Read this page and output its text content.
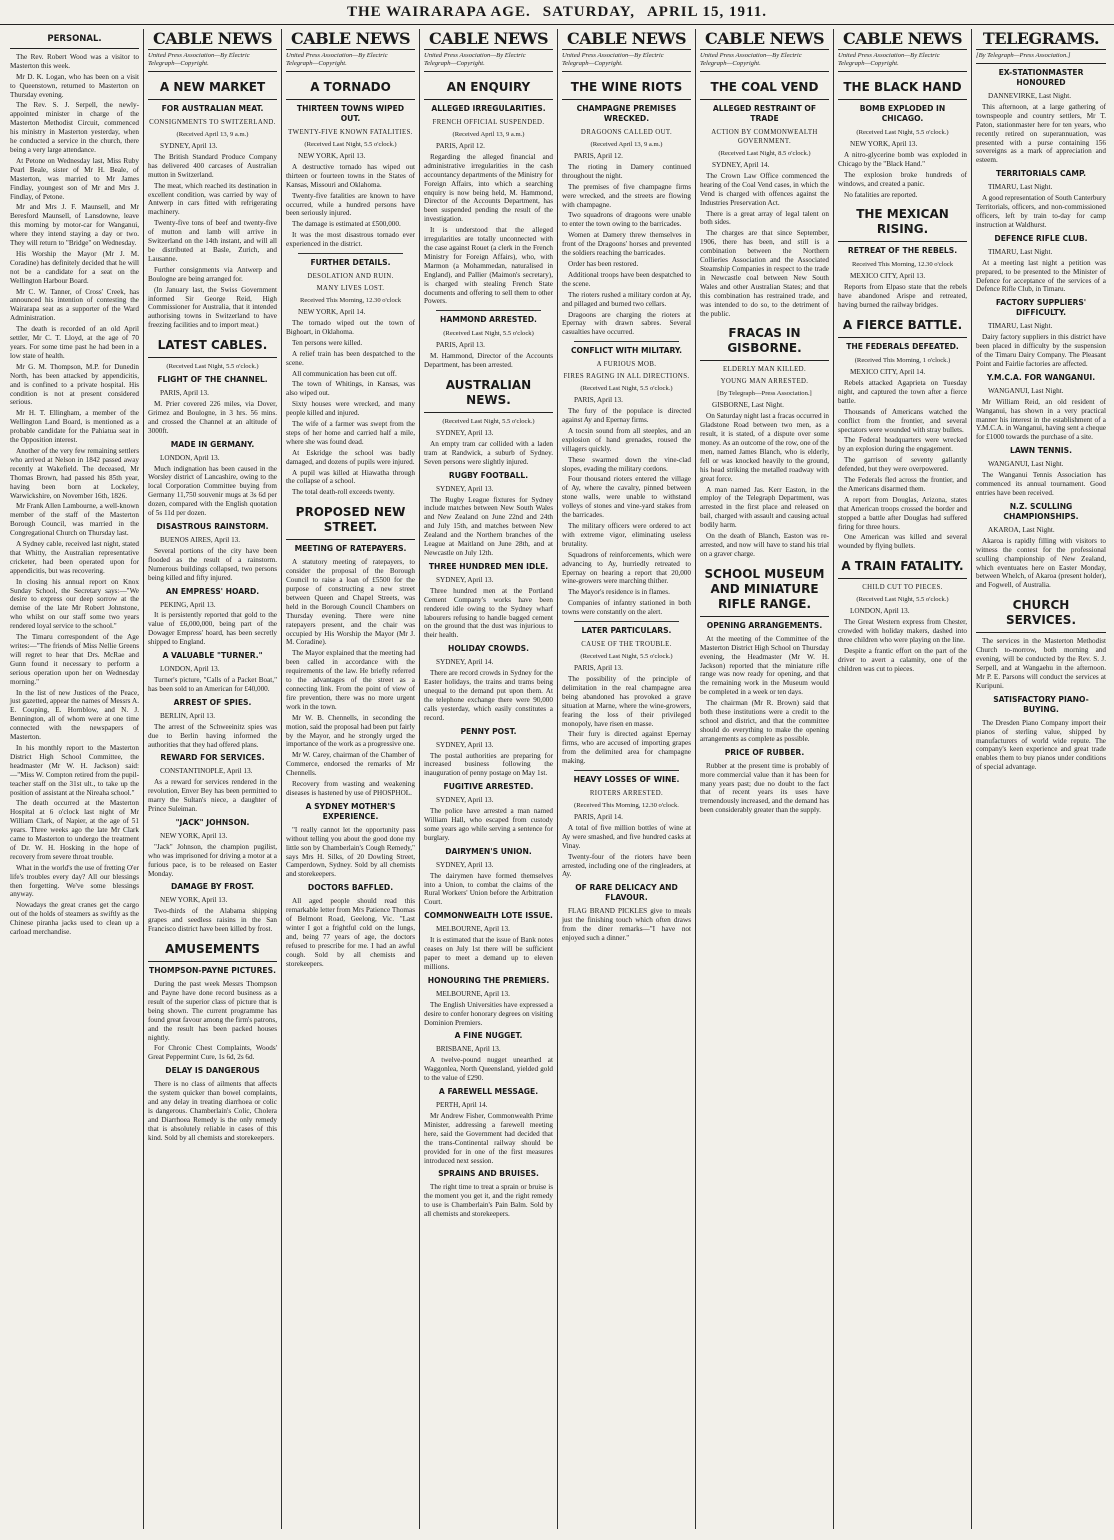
THE WAIRARAPA AGE. SATURDAY, APRIL 15, 1911.
PERSONAL.

The Rev. Robert Wood was a visitor to Masterton this week.

Mr D. K. Logan, who has been on a visit to Queenstown, returned to Masterton on Thursday evening.

The Rev. S. J. Serpell, the newly-appointed minister in charge of the Masterton Methodist Circuit, commenced his ministry in Masterton yesterday, when he conducted a service in the church, there being a very large attendance.

At Petone on Wednesday last, Miss Ruby Pearl Beale, sister of Mr H. Beale, of Masterton, was married to Mr James Findlay, youngest son of Mr and Mrs J. Findlay, of Petone.

Mr and Mrs J. F. Maunsell, and Mr Beresford Maunsell, of Lansdowne, leave this morning by motor-car for Wanganui, where they intend staying a day or two. They will return to "Bridge" on Wednesday.

His Worship the Mayor (Mr J. M. Coradine) has definitely decided that he will not be a candidate for a seat on the Wellington Harbour Board.

Mr C. W. Tanner, of Cross' Creek, has announced his intention of contesting the Wairarapa seat as a supporter of the Ward Administration.

The death is recorded of an old April settler, Mr C. T. Lloyd, at the age of 70 years. For some time past he had been in a low state of health.

Mr G. M. Thompson, M.P. for Dunedin North, has been attacked by appendicitis, and is confined to a private hospital. His condition is not at present considered serious.

Mr H. T. Ellingham, a member of the Wellington Land Board, is mentioned as a probable candidate for the Pahiatua seat in the Opposition interest.

Another of the very few remaining settlers who arrived at Nelson in 1842 passed away recently at Wakefield. The deceased, Mr Thomas Brown, had passed his 85th year, having been born at Lockeley, Warwickshire, on November 16th, 1826.

Mr Frank Allen Lambourne, a well-known member of the staff of the Masterton Borough Council, was married in the Congregational Church on Thursday last.

A Sydney cable, received last night, stated that Whitty, the Australian representative cricketer, had been operated upon for appendicitis, but was recovering.

In closing his annual report on Knox Sunday School, the Secretary says:—"We desire to express our deep sorrow at the demise of the late Mr Robert Johnstone, who whilst on our staff some two years rendered loyal service to the school."

The Timaru correspondent of the Age writes:—"The friends of Miss Nellie Greens will regret to hear that Drs. McRae and Gunn found it necessary to perform a serious operation upon her on Wednesday morning."

In the list of new Justices of the Peace, just gazetted, appear the names of Messrs A. E. Couping, E. Hornblow, and N. J. Bennington, all of whom were at one time connected with the newspapers of Masterton.

In his monthly report to the Masterton District High School Committee, the headmaster (Mr W. H. Jackson) said:—"Miss W. Compton retired from the pupil-teacher staff on the 31st ult., to take up the position of assistant at the Nireaha school."

The death occurred at the Masterton Hospital at 6 o'clock last night of Mr William Clark, of Napier, at the age of 51 years. Three weeks ago the late Mr Clark came to Masterton to undergo the treatment of Dr. W. H. Hosking in the hope of recovery from severe throat trouble.

What in the world's the use of fretting O'er life's troubles every day? All our blessings then forgetting. We've some blessings anyway.

Nowadays the great cranes get the cargo out of the holds of steamers as swiftly as the Chinese piranha jacks used to clean up a carload merchandise.

CABLE NEWS
United Press Association—By Electric Telegraph—Copyright.
A NEW MARKET
FOR AUSTRALIAN MEAT.
CONSIGNMENTS TO SWITZERLAND.
(Received April 13, 9 a.m.)

SYDNEY, April 13.

The British Standard Produce Company has delivered 400 carcases of Australian mutton in Switzerland.

The meat, which reached its destination in excellent condition, was carried by way of Antwerp in cars fitted with refrigerating machinery.

Twenty-five tons of beef and twenty-five of mutton and lamb will arrive in Switzerland on the 14th instant, and will all be distributed at Basle, Zurich, and Lausanne.

Further consignments via Antwerp and Boulogne are being arranged for.

(In January last, the Swiss Government informed Sir George Reid, High Commissioner for Australia, that it intended authorising towns in Switzerland to have freezing facilities and to import meat.)

LATEST CABLES.
(Received Last Night, 5.5 o'clock.)
FLIGHT OF THE CHANNEL.

PARIS, April 13.

M. Prier covered 226 miles, via Dover, Grimez and Boulogne, in 3 hrs. 56 mins. and crossed the Channel at an altitude of 3000ft.

MADE IN GERMANY.

LONDON, April 13.

Much indignation has been caused in the Worsley district of Lancashire, owing to the local Corporation Committee buying from Germany 11,750 souvenir mugs at 3s 6d per dozen, compared with the English quotation of 5s 11d per dozen.

DISASTROUS RAINSTORM.

BUENOS AIRES, April 13.

Several portions of the city have been flooded as the result of a rainstorm. Numerous buildings collapsed, two persons being killed and fifty injured.

AN EMPRESS' HOARD.

PEKING, April 13.

It is persistently reported that gold to the value of £6,000,000, being part of the Dowager Empress' hoard, has been secretly shipped to England.

A VALUABLE "TURNER."

LONDON, April 13.

Turner's picture, "Calls of a Packet Boat," has been sold to an American for £40,000.

ARREST OF SPIES.

BERLIN, April 13.

The arrest of the Schweeinitz spies was due to Berlin having informed the authorities that they had offered plans.

REWARD FOR SERVICES.

CONSTANTINOPLE, April 13.

As a reward for services rendered in the revolution, Enver Bey has been permitted to marry the Sultan's niece, a daughter of Prince Suleiman.

"JACK" JOHNSON.

NEW YORK, April 13.

"Jack" Johnson, the champion pugilist, who was imprisoned for driving a motor at a furious pace, is to be released on Easter Monday.

DAMAGE BY FROST.

NEW YORK, April 13.

Two-thirds of the Alabama shipping grapes and seedless raisins in the San Francisco district have been killed by frost.

AMUSEMENTS
THOMPSON-PAYNE PICTURES.

During the past week Messrs Thompson and Payne have done record business as a result of the superior class of picture that is being shown. The current programme has found great favour among the firm's patrons, and the result has been packed houses nightly.

For Chronic Chest Complaints, Woods' Great Peppermint Cure, 1s 6d, 2s 6d.

DELAY IS DANGEROUS

There is no class of ailments that affects the system quicker than bowel complaints, and any delay in treating diarrhoea or colic is dangerous. Chamberlain's Colic, Cholera and Diarrhoea Remedy is the only remedy that is absolutely reliable in cases of this kind. Sold by all chemists and storekeepers.

CABLE NEWS
United Press Association—By Electric Telegraph—Copyright.
A TORNADO
THIRTEEN TOWNS WIPED OUT.
TWENTY-FIVE KNOWN FATALITIES.
(Received Last Night, 5.5 o'clock.)

NEW YORK, April 13.

A destructive tornado has wiped out thirteen or fourteen towns in the States of Kansas, Missouri and Oklahoma.

Twenty-five fatalities are known to have occurred, while a hundred persons have been seriously injured.

The damage is estimated at £500,000.

It was the most disastrous tornado ever experienced in the district.

FURTHER DETAILS.
DESOLATION AND RUIN.
MANY LIVES LOST.
Received This Morning, 12.30 o'clock

NEW YORK, April 14.

The tornado wiped out the town of Bighoart, in Oklahoma.

Ten persons were killed.

A relief train has been despatched to the scene.

All communication has been cut off.

The town of Whitings, in Kansas, was also wiped out.

Sixty houses were wrecked, and many people killed and injured.

The wife of a farmer was swept from the steps of her home and carried half a mile, where she was found dead.

At Eskridge the school was badly damaged, and dozens of pupils were injured.

A pupil was killed at Hiawatha through the collapse of a school.

The total death-roll exceeds twenty.

PROPOSED NEW STREET.
MEETING OF RATEPAYERS.

A statutory meeting of ratepayers, to consider the proposal of the Borough Council to raise a loan of £5500 for the purpose of constructing a new street between Queen and Chapel Streets, was held in the Borough Council Chambers on Thursday evening. There were nine ratepayers present, and the chair was occupied by His Worship the Mayor (Mr J. M. Coradine).

The Mayor explained that the meeting had been called in accordance with the requirements of the law. He briefly referred to the advantages of the street as a connecting link. From the point of view of fire prevention, there was no more urgent work in the town.

Mr W. B. Chennells, in seconding the motion, said the proposal had been put fairly by the Mayor, and he strongly urged the importance of the work as a progressive one.

Mr W. Carey, chairman of the Chamber of Commerce, endorsed the remarks of Mr Chennells.

Recovery from wasting and weakening diseases is hastened by use of PHOSPHOL.

A SYDNEY MOTHER'S EXPERIENCE.

"I really cannot let the opportunity pass without telling you about the good done my little son by Chamberlain's Cough Remedy," says Mrs H. Silks, of 20 Dowling Street, Camperdown, Sydney. Sold by all chemists and storekeepers.

DOCTORS BAFFLED.

All aged people should read this remarkable letter from Mrs Patience Thomas of Belmont Road, Geelong, Vic. "Last winter I got a frightful cold on the lungs, and, being 77 years of age, the doctors refused to prescribe for me. I had an awful cough. Sold by all chemists and storekeepers.

CABLE NEWS
United Press Association—By Electric Telegraph—Copyright.
AN ENQUIRY
ALLEGED IRREGULARITIES.
FRENCH OFFICIAL SUSPENDED.
(Received April 13, 9 a.m.)

PARIS, April 12.

Regarding the alleged financial and administrative irregularities in the cash accountancy departments of the Ministry for Foreign Affairs, into which a searching enquiry is now being held, M. Hammond, Director of the Accounts Department, has been suspended pending the result of the investigation.

It is understood that the alleged irregularities are totally unconnected with the case against Rouet (a clerk in the French Ministry for Foreign Affairs), who, with Marmon (a Mohammedan, naturalised in England), and Pallier (Maimon's secretary), is charged with stealing French State documents and offering to sell them to other Powers.

HAMMOND ARRESTED.
(Received Last Night, 5.5 o'clock)

PARIS, April 13.

M. Hammond, Director of the Accounts Department, has been arrested.

AUSTRALIAN NEWS.
(Received Last Night, 5.5 o'clock.)

SYDNEY, April 13.

An empty tram car collided with a laden tram at Randwick, a suburb of Sydney. Seven persons were slightly injured.

RUGBY FOOTBALL.

SYDNEY, April 13.

The Rugby League fixtures for Sydney include matches between New South Wales and New Zealand on June 22nd and 24th and July 15th, and matches between New Zealand and the Northern branches of the League at Maitland on June 28th, and at Newcastle on July 12th.

THREE HUNDRED MEN IDLE.

SYDNEY, April 13.

Three hundred men at the Portland Cement Company's works have been rendered idle owing to the Sydney wharf labourers refusing to handle bagged cement on the ground that the dust was injurious to their health.

HOLIDAY CROWDS.

SYDNEY, April 14.

There are record crowds in Sydney for the Easter holidays, the trains and trams being unequal to the demand put upon them. At the telephone exchange there were 90,000 calls yesterday, which easily constitutes a record.

PENNY POST.

SYDNEY, April 13.

The postal authorities are preparing for increased business following the inauguration of penny postage on May 1st.

FUGITIVE ARRESTED.

SYDNEY, April 13.

The police have arrested a man named William Hall, who escaped from custody some years ago while serving a sentence for burglary.

DAIRYMEN'S UNION.

SYDNEY, April 13.

The dairymen have formed themselves into a Union, to combat the claims of the Rural Workers' Union before the Arbitration Court.

COMMONWEALTH LOTE ISSUE.

MELBOURNE, April 13.

It is estimated that the issue of Bank notes ceases on July 1st there will be sufficient paper to meet a demand up to eleven millions.

HONOURING THE PREMIERS.

MELBOURNE, April 13.

The English Universities have expressed a desire to confer honorary degrees on visiting Dominion Premiers.

A FINE NUGGET.

BRISBANE, April 13.

A twelve-pound nugget unearthed at Waggonlea, North Queensland, yielded gold to the value of £290.

A FAREWELL MESSAGE.

PERTH, April 14.

Mr Andrew Fisher, Commonwealth Prime Minister, addressing a farewell meeting here, said the Government had decided that the trans-Continental railway should be provided for in one of the first measures introduced next session.

SPRAINS AND BRUISES.

The right time to treat a sprain or bruise is the moment you get it, and the right remedy to use is Chamberlain's Pain Balm. Sold by all chemists and storekeepers.

CABLE NEWS
United Press Association—By Electric Telegraph—Copyright.
THE WINE RIOTS
CHAMPAGNE PREMISES WRECKED.
DRAGOONS CALLED OUT.
(Received April 13, 9 a.m.)

PARIS, April 12.

The rioting in Damery continued throughout the night.

The premises of five champagne firms were wrecked, and the streets are flowing with champagne.

Two squadrons of dragoons were unable to enter the town owing to the barricades.

Women at Damery threw themselves in front of the Dragoons' horses and prevented the soldiers reaching the barricades.

Order has been restored.

Additional troops have been despatched to the scene.

The rioters rushed a military cordon at Ay, and pillaged and burned two cellars.

Dragoons are charging the rioters at Epernay with drawn sabres. Several casualties have occurred.

CONFLICT WITH MILITARY.
A FURIOUS MOB.
FIRES RAGING IN ALL DIRECTIONS.
(Received Last Night, 5.5 o'clock.)

PARIS, April 13.

The fury of the populace is directed against Ay and Epernay firms.

A tocsin sound from all steeples, and an explosion of hand grenades, roused the villagers quickly.

These swarmed down the vine-clad slopes, evading the military cordons.

Four thousand rioters entered the village of Ay, where the cavalry, pinned between stone walls, were unable to withstand volleys of stones and vine-yard stakes from the barricades.

The military officers were ordered to act with extreme vigor, eliminating useless brutality.

Squadrons of reinforcements, which were advancing to Ay, hurriedly retreated to Epernay on hearing a report that 20,000 wine-growers were marching thither.

The Mayor's residence is in flames.

Companies of infantry stationed in both towns were constantly on the alert.

LATER PARTICULARS.
CAUSE OF THE TROUBLE.
(Received Last Night, 5.5 o'clock.)

PARIS, April 13.

The possibility of the principle of delimitation in the real champagne area being abandoned has provoked a grave situation at Marne, where the wine-growers, fearing the loss of their privileged monopoly, have risen en masse.

Their fury is directed against Epernay firms, who are accused of importing grapes from the delimited area for champagne making.

HEAVY LOSSES OF WINE.
RIOTERS ARRESTED.
(Received This Morning, 12.30 o'clock.

PARIS, April 14.

A total of five million bottles of wine at Ay were smashed, and five hundred casks at Vinay.

Twenty-four of the rioters have been arrested, including one of the ringleaders, at Ay.

OF RARE DELICACY AND FLAVOUR.

FLAG BRAND PICKLES give to meals just the finishing touch which often draws from the diner remarks—"I have not enjoyed such a dinner."

CABLE NEWS
United Press Association—By Electric Telegraph—Copyright.
THE COAL VEND
ALLEGED RESTRAINT OF TRADE
ACTION BY COMMONWEALTH GOVERNMENT.
(Received Last Night, 8.5 o'clock.)

SYDNEY, April 14.

The Crown Law Office commenced the hearing of the Coal Vend cases, in which the Vend is charged with offences against the Industries Preservation Act.

There is a great array of legal talent on both sides.

The charges are that since September, 1906, there has been, and still is a combination between the Northern Collieries Association and the Associated Steamship Companies in respect to the trade in Newcastle coal between New South Wales and other Australian States; and that this combination has restrained trade, and was intended to do so, to the detriment of the public.

FRACAS IN GISBORNE.
ELDERLY MAN KILLED.
YOUNG MAN ARRESTED.
[By Telegraph—Press Association.]

GISBORNE, Last Night.

On Saturday night last a fracas occurred in Gladstone Road between two men, as a result, it is stated, of a dispute over some money. As an outcome of the row, one of the men, named James Blanch, who is elderly, fell or was knocked heavily to the ground, his head striking the metalled roadway with great force.

A man named Jas. Kerr Easton, in the employ of the Telegraph Department, was arrested in the first place and released on bail, charged with assault and causing actual bodily harm.

On the death of Blanch, Easton was re-arrested, and now will have to stand his trial on a graver charge.

SCHOOL MUSEUM AND MINIATURE RIFLE RANGE.
OPENING ARRANGEMENTS.

At the meeting of the Committee of the Masterton District High School on Thursday evening, the Headmaster (Mr W. H. Jackson) reported that the miniature rifle range was now ready for opening, and that the remaining work in the Museum would be completed in a week or ten days.

The chairman (Mr R. Brown) said that both these institutions were a credit to the school and district, and that the committee should do everything to make the opening arrangements as complete as possible.

PRICE OF RUBBER.

Rubber at the present time is probably of more commercial value than it has been for many years past; due no doubt to the fact that of recent years its uses have tremendously increased, and the demand has been considerably greater than the supply.

CABLE NEWS
United Press Association—By Electric Telegraph—Copyright.
THE BLACK HAND
BOMB EXPLODED IN CHICAGO.
(Received Last Night, 5.5 o'clock.)

NEW YORK, April 13.

A nitro-glycerine bomb was exploded in Chicago by the "Black Hand."

The explosion broke hundreds of windows, and created a panic.

No fatalities are reported.

THE MEXICAN RISING.
RETREAT OF THE REBELS.
Received This Morning, 12.30 o'clock

MEXICO CITY, April 13.

Reports from Elpaso state that the rebels have abandoned Arispe and retreated, having burned the railway bridges.

A FIERCE BATTLE.
THE FEDERALS DEFEATED.
(Received This Morning, 1 o'clock.)

MEXICO CITY, April 14.

Rebels attacked Agaprieta on Tuesday night, and captured the town after a fierce battle.

Thousands of Americans watched the conflict from the frontier, and several spectators were wounded with stray bullets.

The Federal headquarters were wrecked by an explosion during the engagement.

The garrison of seventy gallantly defended, but they were overpowered.

The Federals fled across the frontier, and the Americans disarmed them.

A report from Douglas, Arizona, states that American troops crossed the border and stopped a battle after Douglas had suffered firing for three hours.

One American was killed and several wounded by flying bullets.

A TRAIN FATALITY.
CHILD CUT TO PIECES.
(Received Last Night, 5.5 o'clock.)

LONDON, April 13.

The Great Western express from Chester, crowded with holiday makers, dashed into three children who were playing on the line.

Despite a frantic effort on the part of the driver to avert a calamity, one of the children was cut to pieces.

TELEGRAMS.
[By Telegraph—Press Association.]
EX-STATIONMASTER HONOURED

DANNEVIRKE, Last Night.

This afternoon, at a large gathering of townspeople and country settlers, Mr T. Paton, stationmaster here for ten years, who recently retired on superannuation, was presented with a purse containing 156 sovereigns as a mark of appreciation and esteem.

TERRITORIALS CAMP.

TIMARU, Last Night.

A good representation of South Canterbury Territorials, officers, and non-commissioned officers, left by train to-day for camp instruction at Waldhurst.

DEFENCE RIFLE CLUB.

TIMARU, Last Night.

At a meeting last night a petition was prepared, to be presented to the Minister of Defence for acceptance of the services of a Defence Rifle Club, in Timaru.

FACTORY SUPPLIERS' DIFFICULTY.

TIMARU, Last Night.

Dairy factory suppliers in this district have been placed in difficulty by the suspension of the Timaru Dairy Company. The Pleasant Point and Fairlie factories are affected.

Y.M.C.A. FOR WANGANUI.

WANGANUI, Last Night.

Mr William Reid, an old resident of Wanganui, has shown in a very practical manner his interest in the establishment of a Y.M.C.A. in Wanganui, having sent a cheque for £1000 towards the purchase of a site.

LAWN TENNIS.

WANGANUI, Last Night.

The Wanganui Tennis Association has commenced its annual tournament. Good entries have been received.

N.Z. SCULLING CHAMPIONSHIPS.

AKAROA, Last Night.

Akaroa is rapidly filling with visitors to witness the contest for the professional sculling championship of New Zealand, which eventuates here on Easter Monday, between Whelch, of Akaroa (present holder), and Fogwell, of Australia.

CHURCH SERVICES.

The services in the Masterton Methodist Church to-morrow, both morning and evening, will be conducted by the Rev. S. J. Serpell, and at Wangaehu in the afternoon. Mr P. E. Parsons will conduct the services at Kuripuni.

SATISFACTORY PIANO-BUYING.

The Dresden Piano Company import their pianos of sterling value, shipped by manufacturers of world wide repute. The company's keen experience and great trade enables them to buy pianos under conditions of special advantage.
